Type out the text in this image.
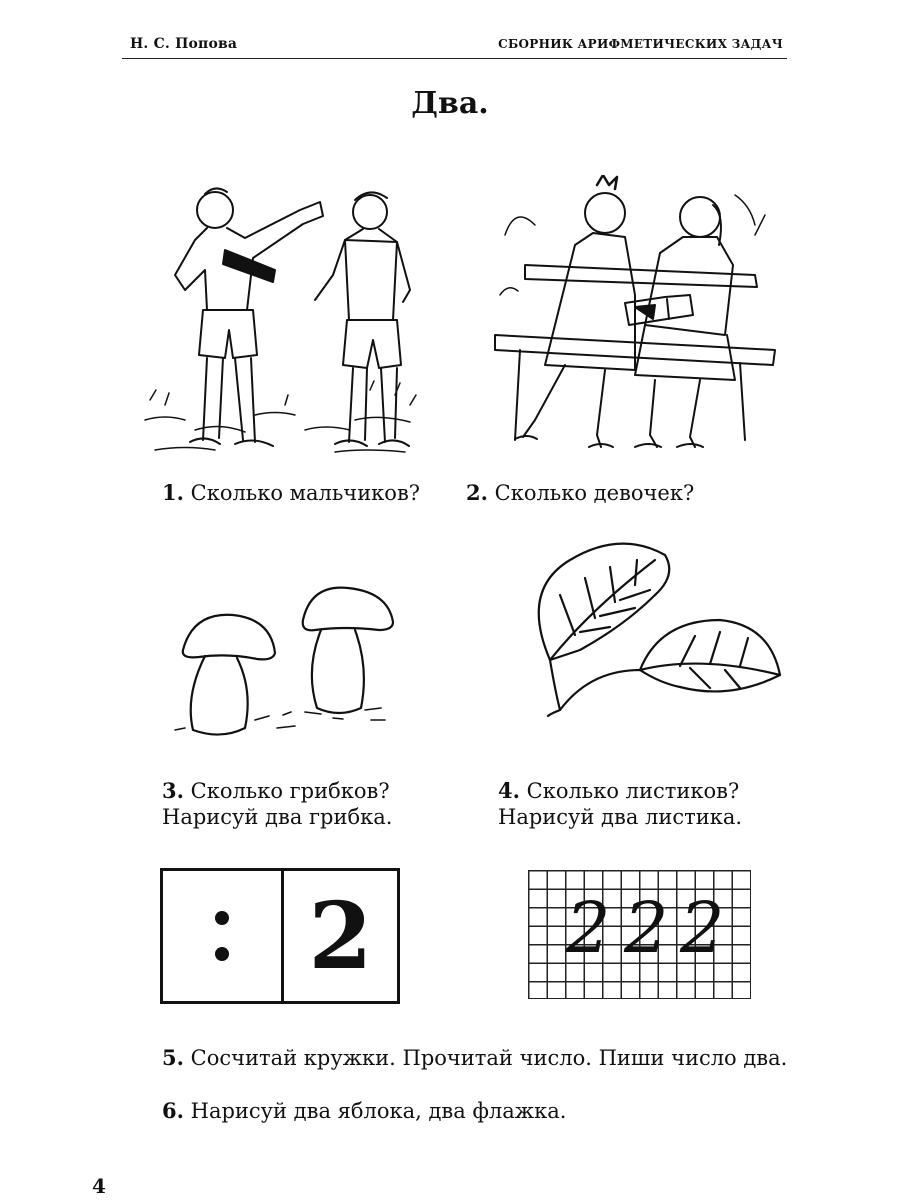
Н. С. Попова	СБОРНИК АРИФМЕТИЧЕСКИХ ЗАДАЧ
Два.
1. Сколько мальчиков? 2. Сколько девочек?
3. Сколько грибков?
Нарисуй два грибка.
4. Сколько листиков?
Нарисуй два листика.
2	2 2 2
5. Сосчитай кружки. Прочитай число. Пиши число два.
6. Нарисуй два яблока, два флажка.
4
